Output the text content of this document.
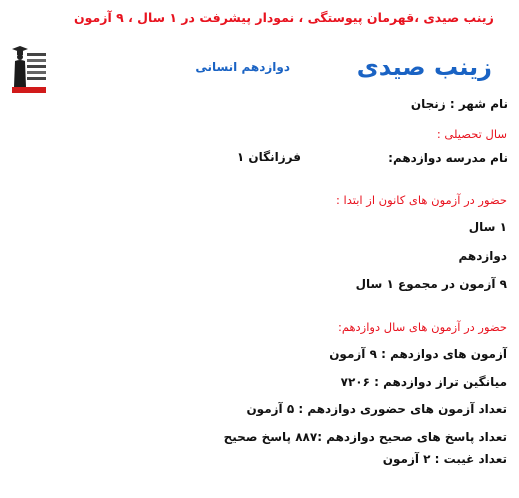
زینب صیدی ،قهرمان پیوستگی ، نمودار پیشرفت در ۱ سال ، ۹ آزمون
زینب صیدی
دوازدهم انسانی
نام شهر : زنجان
سال تحصیلی :
نام مدرسه دوازدهم:
فرزانگان ۱
حضور در آزمون های کانون از ابتدا :
۱ سال
دوازدهم
۹ آزمون در مجموع ۱ سال
حضور در آزمون های سال دوازدهم:
آزمون های دوازدهم : ۹ آزمون
میانگین تراز دوازدهم : ۷۲۰۶
تعداد آزمون های حضوری دوازدهم : ۵ آزمون
تعداد پاسخ های صحیح دوازدهم :۸۸۷ پاسخ صحیح
تعداد غیبت : ۲ آزمون
